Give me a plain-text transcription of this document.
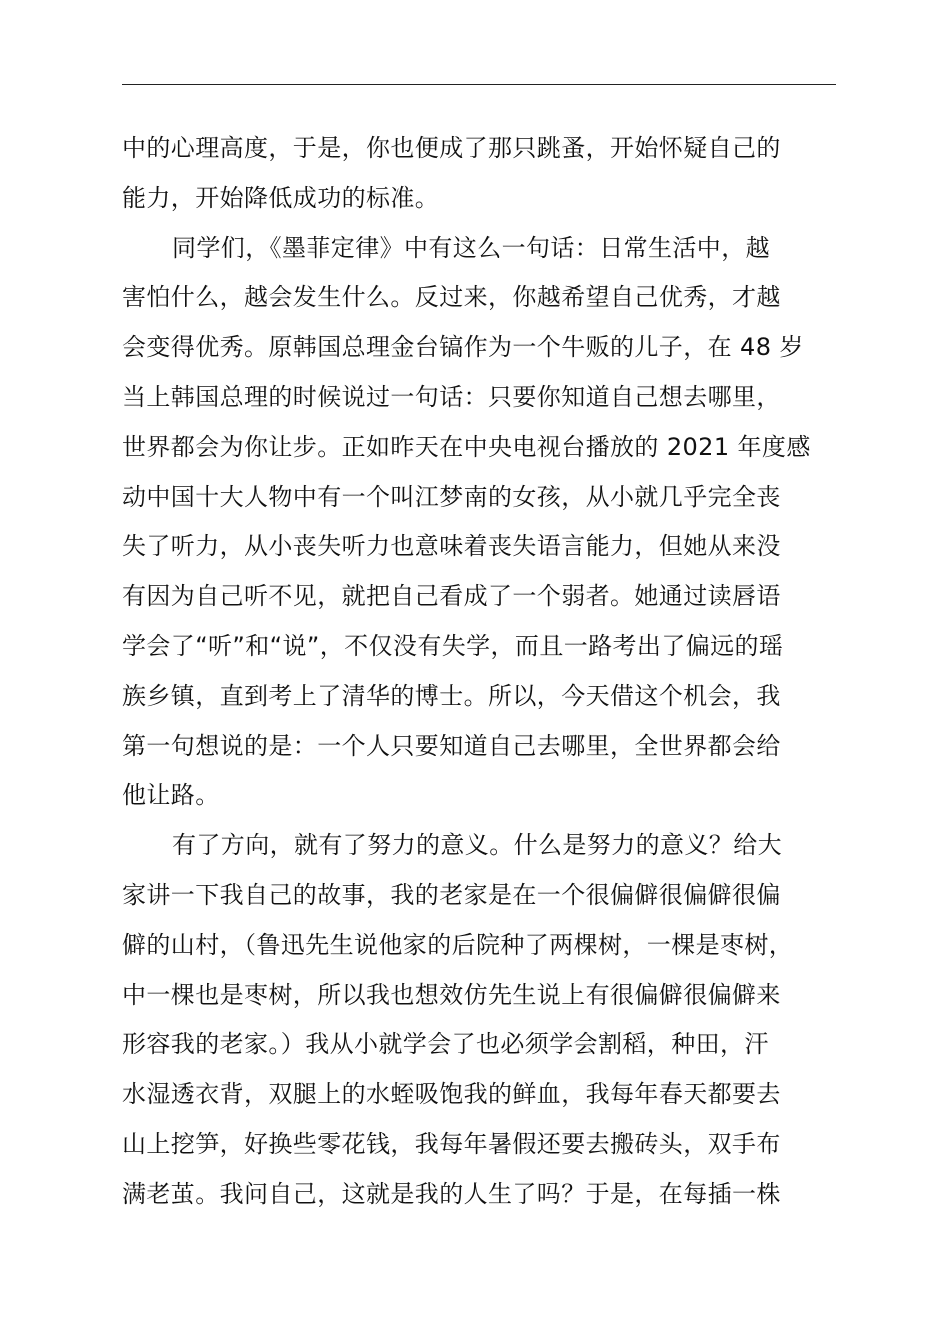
中的心理高度，于是，你也便成了那只跳蚤，开始怀疑自己的
能力，开始降低成功的标准。
同学们，《墨菲定律》中有这么一句话：日常生活中，越
害怕什么，越会发生什么。反过来，你越希望自己优秀，才越
会变得优秀。原韩国总理金台镐作为一个牛贩的儿子，在 48 岁
当上韩国总理的时候说过一句话：只要你知道自己想去哪里，
世界都会为你让步。正如昨天在中央电视台播放的 2021 年度感
动中国十大人物中有一个叫江梦南的女孩，从小就几乎完全丧
失了听力，从小丧失听力也意味着丧失语言能力，但她从来没
有因为自己听不见，就把自己看成了一个弱者。她通过读唇语
学会了“听”和“说”，不仅没有失学，而且一路考出了偏远的瑶
族乡镇，直到考上了清华的博士。所以，今天借这个机会，我
第一句想说的是：一个人只要知道自己去哪里，全世界都会给
他让路。
有了方向，就有了努力的意义。什么是努力的意义？给大
家讲一下我自己的故事，我的老家是在一个很偏僻很偏僻很偏
僻的山村，（鲁迅先生说他家的后院种了两棵树，一棵是枣树，
中一棵也是枣树，所以我也想效仿先生说上有很偏僻很偏僻来
形容我的老家。）我从小就学会了也必须学会割稻，种田，汗
水湿透衣背，双腿上的水蛭吸饱我的鲜血，我每年春天都要去
山上挖笋，好换些零花钱，我每年暑假还要去搬砖头，双手布
满老茧。我问自己，这就是我的人生了吗？于是，在每插一株
